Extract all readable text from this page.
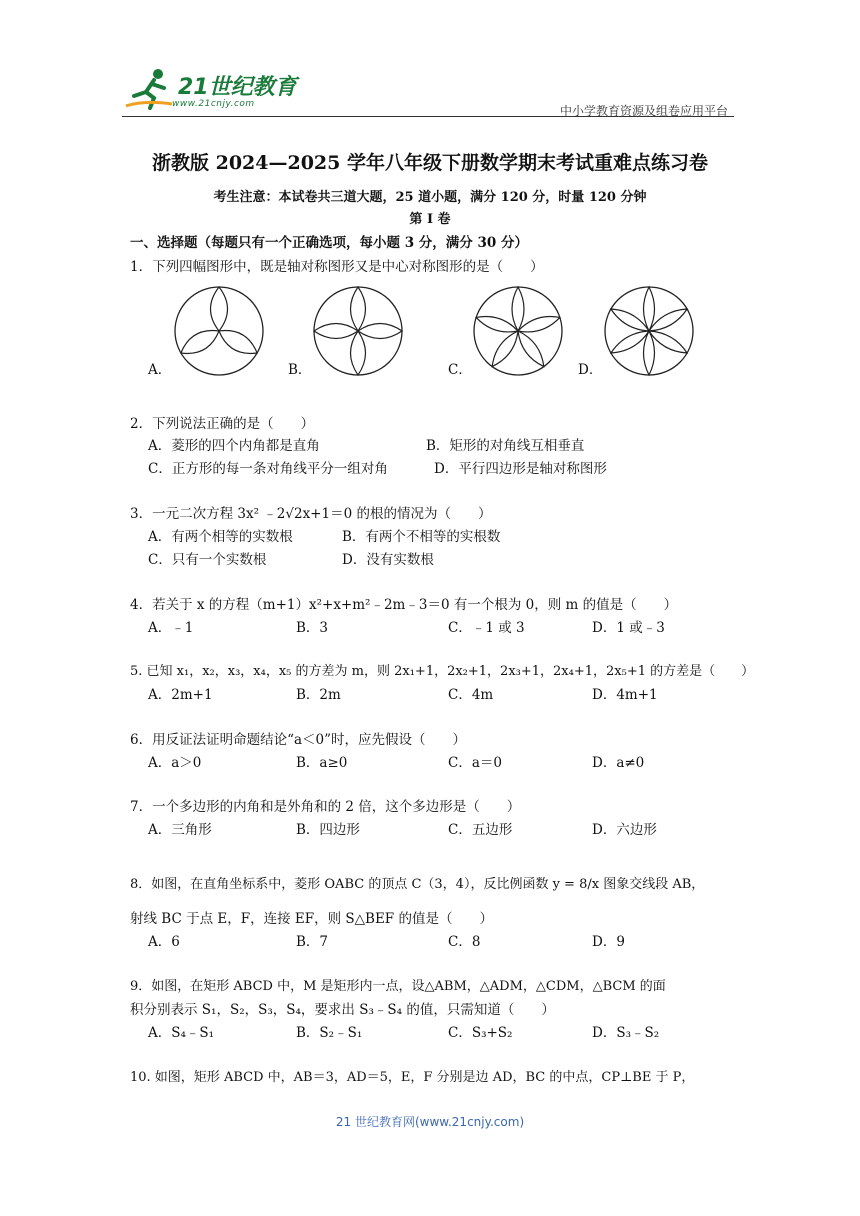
21世纪教育
www.21cnjy.com	中小学教育资源及组卷应用平台
浙教版 2024—2025 学年八年级下册数学期末考试重难点练习卷
考生注意：本试卷共三道大题，25 道小题，满分 120 分，时量 120 分钟
第 I 卷
一、选择题（每题只有一个正确选项，每小题 3 分，满分 30 分）
1．下列四幅图形中，既是轴对称图形又是中心对称图形的是（　　）
A．	B．	C．	D．
2．下列说法正确的是（　　）
A．菱形的四个内角都是直角	B．矩形的对角线互相垂直
C．正方形的每一条对角线平分一组对角	D．平行四边形是轴对称图形
3．一元二次方程 3x² ﹣2√2x+1＝0 的根的情况为（　　）
A．有两个相等的实数根	B．有两个不相等的实根数
C．只有一个实数根	D．没有实数根
4．若关于 x 的方程（m+1）x²+x+m²﹣2m﹣3＝0 有一个根为 0，则 m 的值是（　　）
A．﹣1	B．3	C．﹣1 或 3	D．1 或﹣3
5. 已知 x₁，x₂，x₃，x₄，x₅ 的方差为 m，则 2x₁+1，2x₂+1，2x₃+1，2x₄+1，2x₅+1 的方差是（　　）
A．2m+1	B．2m	C．4m	D．4m+1
6．用反证法证明命题结论“a＜0”时，应先假设（　　）
A．a＞0	B．a≥0	C．a＝0	D．a≠0
7．一个多边形的内角和是外角和的 2 倍，这个多边形是（　　）
A．三角形	B．四边形	C．五边形	D．六边形
8．如图，在直角坐标系中，菱形 OABC 的顶点 C（3，4），反比例函数 y = 8/x 图象交线段 AB，
射线 BC 于点 E，F，连接 EF，则 S△BEF 的值是（　　）
A．6	B．7	C．8	D．9
9．如图，在矩形 ABCD 中，M 是矩形内一点，设△ABM，△ADM，△CDM，△BCM 的面
积分别表示 S₁，S₂，S₃，S₄，要求出 S₃﹣S₄ 的值，只需知道（　　）
A．S₄﹣S₁	B．S₂﹣S₁	C．S₃+S₂	D．S₃﹣S₂
10. 如图，矩形 ABCD 中，AB＝3，AD＝5，E，F 分别是边 AD，BC 的中点，CP⊥BE 于 P，
21 世纪教育网(www.21cnjy.com)
